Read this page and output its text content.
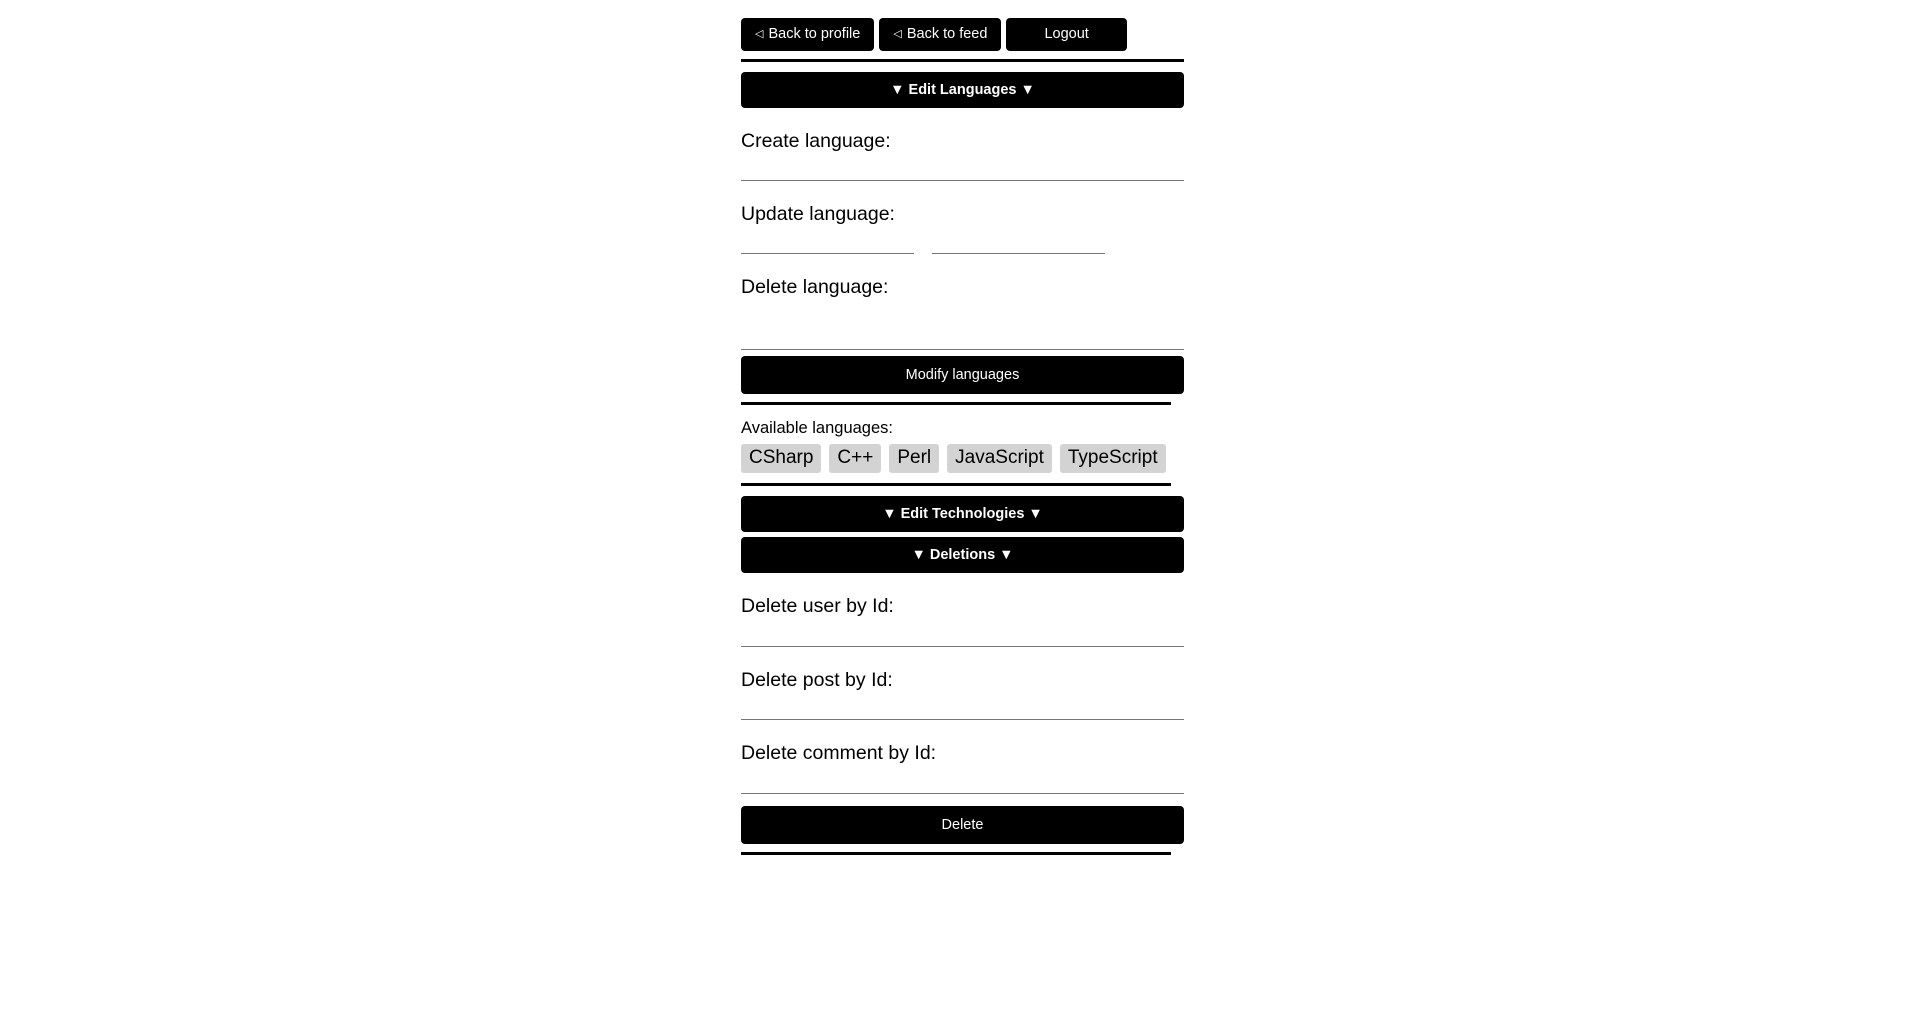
◁ Back to profile	◁ Back to feed	Logout
▼ Edit Languages ▼
Create language:
Update language:
Delete language:
Modify languages
Available languages:
CSharp	C++	Perl	JavaScript	TypeScript
▼ Edit Technologies ▼
▼ Deletions ▼
Delete user by Id:
Delete post by Id:
Delete comment by Id:
Delete
